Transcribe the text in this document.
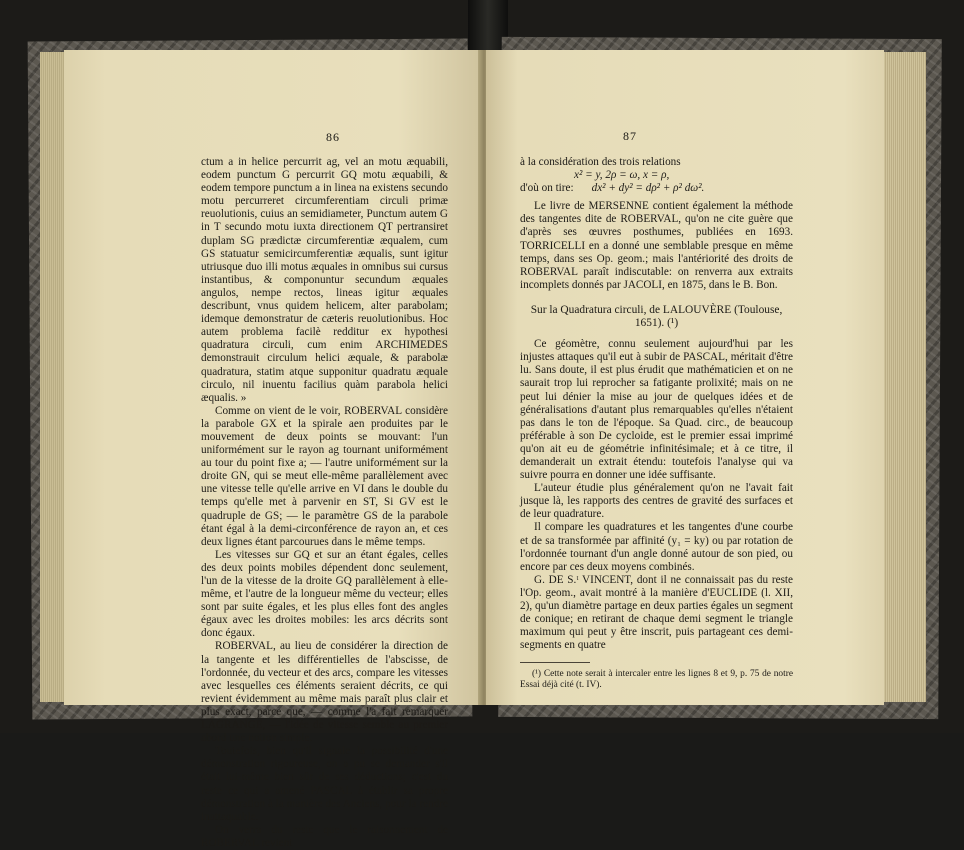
86

ctum a in helice percurrit ag, vel an motu æquabili, eodem punctum G percurrit GQ motu æquabili, & eodem tempore punctum a in linea na existens secundo motu percurreret circumferentiam circuli primæ reuolutionis, cuius an semidiameter, Punctum autem G in T secundo motu iuxta directionem QT pertransiret duplam SG prædictæ circumferentiæ æqualem, cum GS statuatur semicircumferentiæ æqualis, sunt igitur utriusque duo illi motus æquales in omnibus sui cursus instantibus, & componuntur secundum æquales angulos, nempe rectos, lineas igitur æquales describunt, vnus quidem helicem, alter parabolam; idemque demonstratur de cæteris reuolutionibus. Hoc autem problema facilè redditur ex hypothesi quadratura circuli, cum enim ARCHIMEDES demonstrauit circulum helici æquale, & parabolæ quadratura, statim atque supponitur quadratu æquale circulo, nil inuentu facilius quàm parabola helici æqualis. »

Comme on vient de le voir, ROBERVAL considère la parabole GX et la spirale aen produites par le mouvement de deux points se mouvant: l'un uniformément sur le rayon ag tournant uniformément au tour du point fixe a; — l'autre uniformément sur la droite GN, qui se meut elle-même parallèlement avec une vitesse telle qu'elle arrive en VI dans le double du temps qu'elle met à parvenir en ST, Si GV est le quadruple de GS; — le paramètre GS de la parabole étant égal à la demi-circonférence de rayon an, et ces deux lignes étant parcourues dans le même temps.

Les vitesses sur GQ et sur an étant égales, celles des deux points mobiles dépendent donc seulement, l'un de la vitesse de la droite GQ parallèlement à elle-même, et l'autre de la longueur même du vecteur; elles sont par suite égales, et les plus elles font des angles égaux avec les droites mobiles: les arcs décrits sont donc égaux.

ROBERVAL, au lieu de considérer la direction de la tangente et les différentielles de l'abscisse, de l'ordonnée, du vecteur et des arcs, compare les vitesses avec lesquelles ces éléments seraient décrits, ce qui revient évidemment au même mais paraît plus clair et plus exact, parce que, — comme l'a fait remarquer LAGRANGE, — l'idée de vitesse semble au premier abord une notion simple.

Toutefois, bien qu'il signale la possibilité d'une démonstration rigoureuse, on a pu se demander s'il était lui-même bien sûr de ses déductions; c'est du reste ce qui a amené PASCAL à établir sa propre démonstration à la manière des Anciens, pour la rendre inattaquable.

On verra du reste que le raisonnement de ROBERVAL revient

87

à la considération des trois relations

x² = y, 2ρ = ω, x = ρ,

d'où on tire: dx² + dy² = dρ² + ρ² dω².

Le livre de MERSENNE contient également la méthode des tangentes dite de ROBERVAL, qu'on ne cite guère que d'après ses œuvres posthumes, publiées en 1693. TORRICELLI en a donné une semblable presque en même temps, dans ses Op. geom.; mais l'antériorité des droits de ROBERVAL paraît indiscutable: on renverra aux extraits incomplets donnés par JACOLI, en 1875, dans le B. Bon.

Sur la Quadratura circuli, de LALOUVÈRE (Toulouse, 1651). (¹)

Ce géomètre, connu seulement aujourd'hui par les injustes attaques qu'il eut à subir de PASCAL, méritait d'être lu. Sans doute, il est plus érudit que mathématicien et on ne saurait trop lui reprocher sa fatigante prolixité; mais on ne peut lui dénier la mise au jour de quelques idées et de généralisations d'autant plus remarquables qu'elles n'étaient pas dans le ton de l'époque. Sa Quad. circ., de beaucoup préférable à son De cycloide, est le premier essai imprimé qu'on ait eu de géométrie infinitésimale; et à ce titre, il demanderait un extrait étendu: toutefois l'analyse qui va suivre pourra en donner une idée suffisante.

L'auteur étudie plus généralement qu'on ne l'avait fait jusque là, les rapports des centres de gravité des surfaces et de leur quadrature.

Il compare les quadratures et les tangentes d'une courbe et de sa transformée par affinité (y₁ = ky) ou par rotation de l'ordonnée tournant d'un angle donné autour de son pied, ou encore par ces deux moyens combinés.

G. DE S.ᵗ VINCENT, dont il ne connaissait pas du reste l'Op. geom., avait montré à la manière d'EUCLIDE (l. XII, 2), qu'un diamètre partage en deux parties égales un segment de conique; en retirant de chaque demi segment le triangle maximum qui peut y être inscrit, puis partageant ces demi-segments en quatre

(¹) Cette note serait à intercaler entre les lignes 8 et 9, p. 75 de notre Essai déjà cité (t. IV).
